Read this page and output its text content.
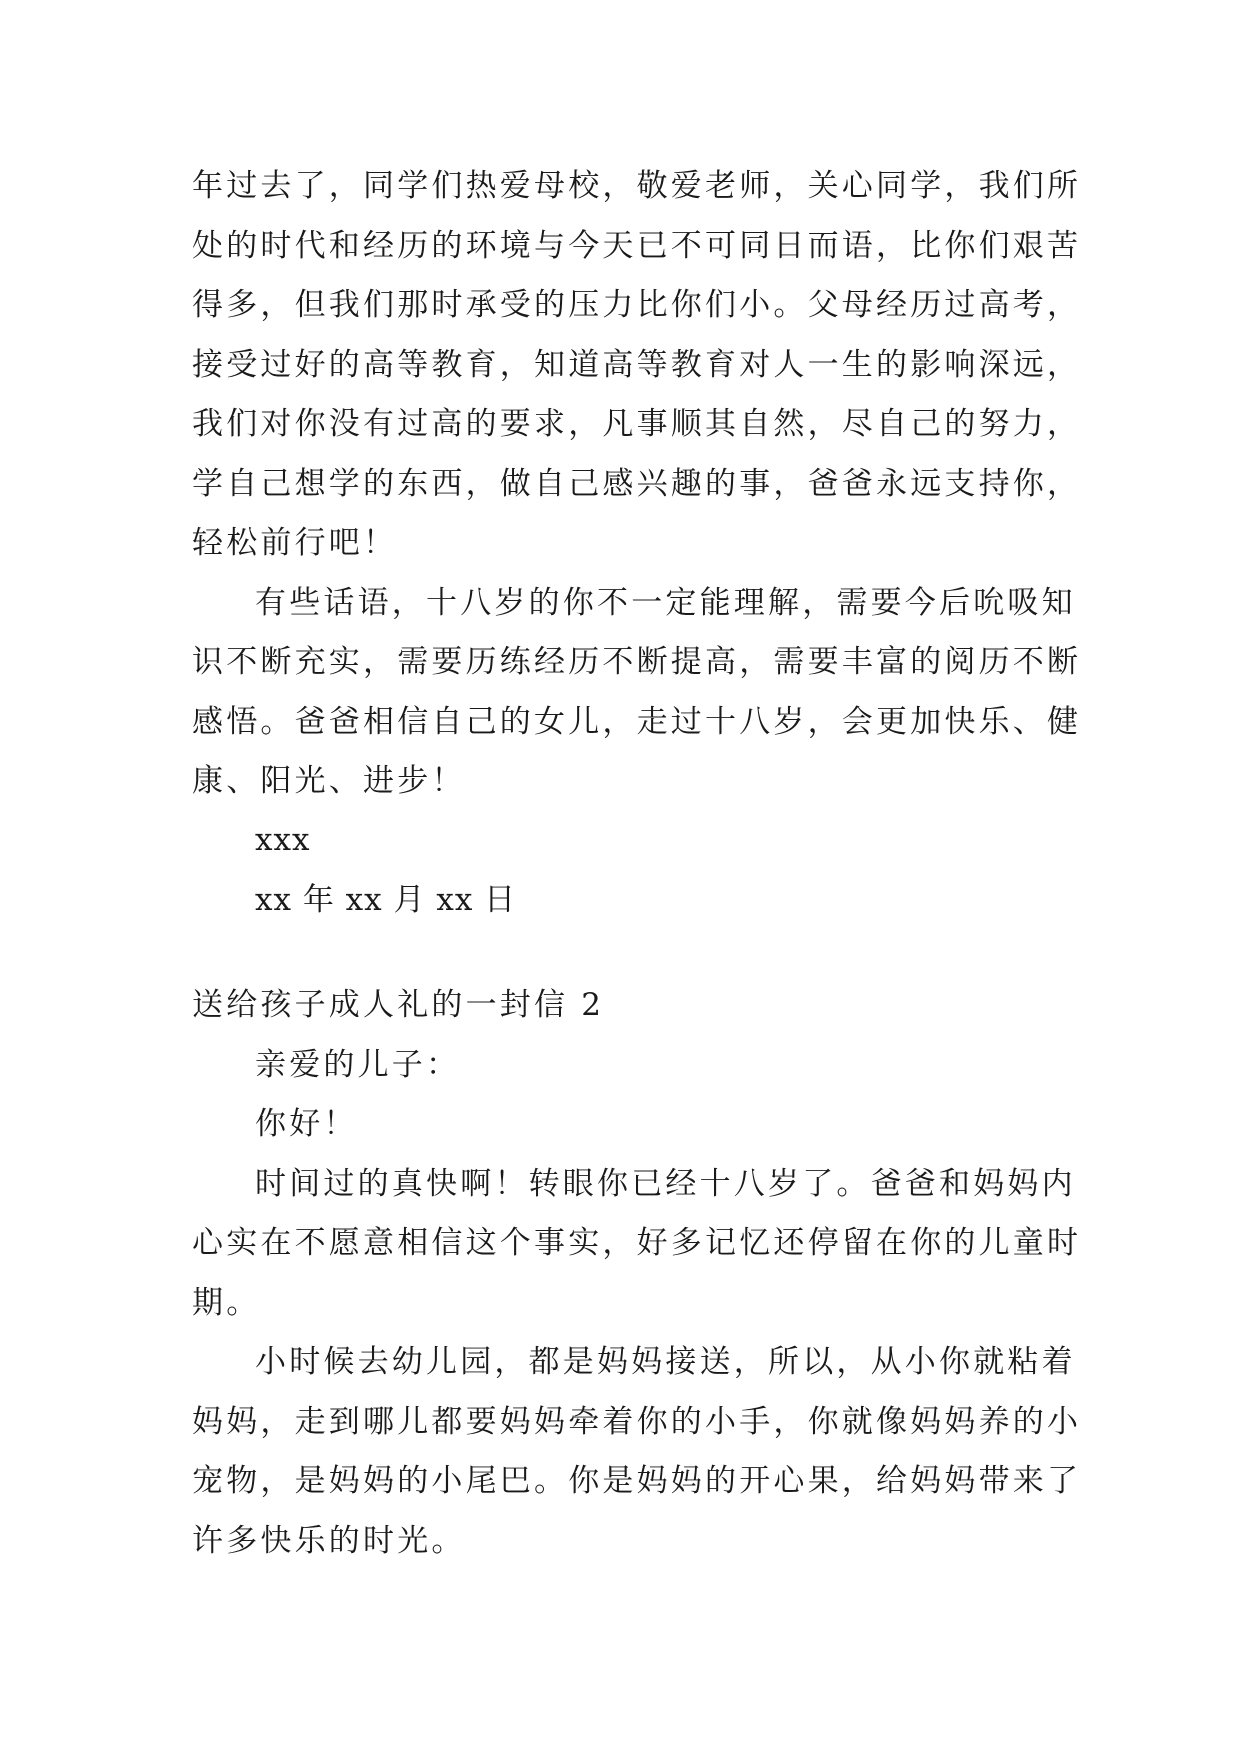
年过去了，同学们热爱母校，敬爱老师，关心同学，我们所
处的时代和经历的环境与今天已不可同日而语，比你们艰苦
得多，但我们那时承受的压力比你们小。父母经历过高考，
接受过好的高等教育，知道高等教育对人一生的影响深远，
我们对你没有过高的要求，凡事顺其自然，尽自己的努力，
学自己想学的东西，做自己感兴趣的事，爸爸永远支持你，
轻松前行吧！
有些话语，十八岁的你不一定能理解，需要今后吮吸知
识不断充实，需要历练经历不断提高，需要丰富的阅历不断
感悟。爸爸相信自己的女儿，走过十八岁，会更加快乐、健
康、阳光、进步！
xxx
xx 年 xx 月 xx 日
送给孩子成人礼的一封信 2
亲爱的儿子：
你好！
时间过的真快啊！转眼你已经十八岁了。爸爸和妈妈内
心实在不愿意相信这个事实，好多记忆还停留在你的儿童时
期。
小时候去幼儿园，都是妈妈接送，所以，从小你就粘着
妈妈，走到哪儿都要妈妈牵着你的小手，你就像妈妈养的小
宠物，是妈妈的小尾巴。你是妈妈的开心果，给妈妈带来了
许多快乐的时光。
